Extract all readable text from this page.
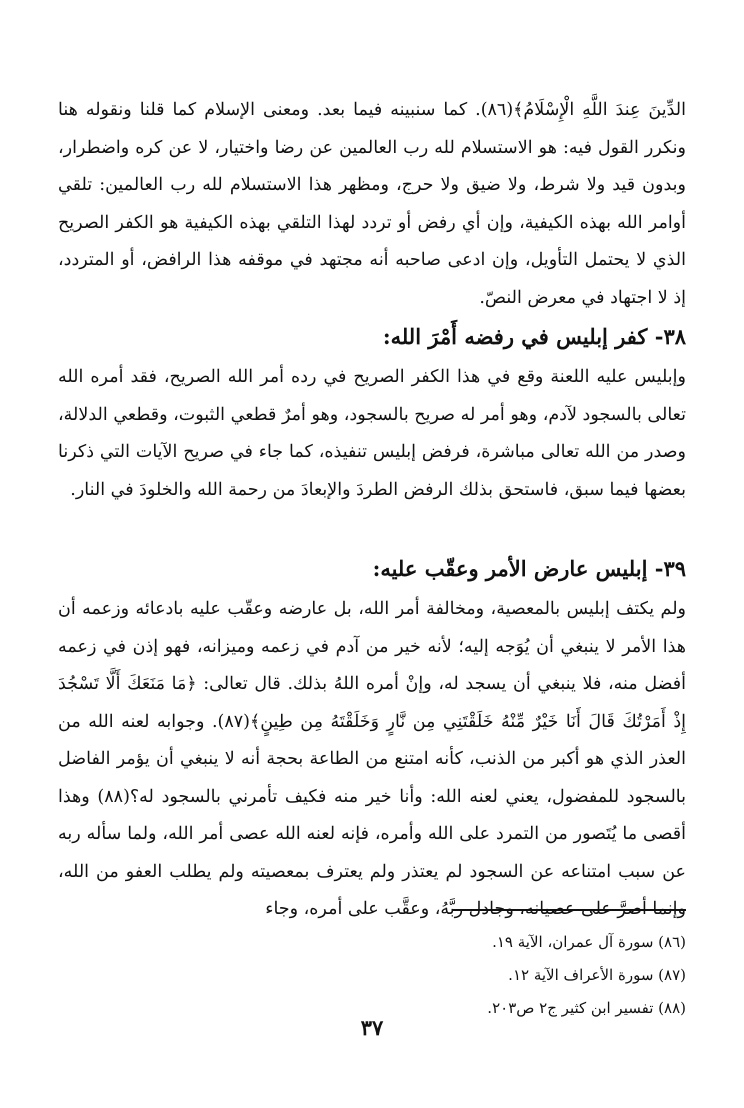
الدِّينَ عِندَ اللَّهِ الْإِسْلَامُ﴾(٨٦). كما سنبينه فيما بعد. ومعنى الإسلام كما قلنا ونقوله هنا ونكرر القول فيه: هو الاستسلام لله رب العالمين عن رضا واختيار، لا عن كره واضطرار، وبدون قيد ولا شرط، ولا ضيق ولا حرج، ومظهر هذا الاستسلام لله رب العالمين: تلقي أوامر الله بهذه الكيفية، وإن أي رفض أو تردد لهذا التلقي بهذه الكيفية هو الكفر الصريح الذي لا يحتمل التأويل، وإن ادعى صاحبه أنه مجتهد في موقفه هذا الرافض، أو المتردد، إذ لا اجتهاد في معرض النصّ.

٣٨- كفر إبليس في رفضه أَمْرَ الله:

وإبليس عليه اللعنة وقع في هذا الكفر الصريح في رده أمر الله الصريح، فقد أمره الله تعالى بالسجود لآدم، وهو أمر له صريح بالسجود، وهو أمرٌ قطعي الثبوت، وقطعي الدلالة، وصدر من الله تعالى مباشرة، فرفض إبليس تنفيذه، كما جاء في صريح الآيات التي ذكرنا بعضها فيما سبق، فاستحق بذلك الرفض الطردَ والإبعادَ من رحمة الله والخلودَ في النار.

٣٩- إبليس عارض الأمر وعقّب عليه:

ولم يكتف إبليس بالمعصية، ومخالفة أمر الله، بل عارضه وعقّب عليه بادعائه وزعمه أن هذا الأمر لا ينبغي أن يُوَجه إليه؛ لأنه خير من آدم في زعمه وميزانه، فهو إذن في زعمه أفضل منه، فلا ينبغي أن يسجد له، وإنْ أمره اللهُ بذلك. قال تعالى: ﴿مَا مَنَعَكَ أَلَّا تَسْجُدَ إِذْ أَمَرْتُكَ قَالَ أَنَا خَيْرٌ مِّنْهُ خَلَقْتَنِي مِن نَّارٍ وَخَلَقْتَهُ مِن طِينٍ﴾(٨٧). وجوابه لعنه الله من العذر الذي هو أكبر من الذنب، كأنه امتنع من الطاعة بحجة أنه لا ينبغي أن يؤمر الفاضل بالسجود للمفضول، يعني لعنه الله: وأنا خير منه فكيف تأمرني بالسجود له؟(٨٨) وهذا أقصى ما يُتَصور من التمرد على الله وأمره، فإنه لعنه الله عصى أمر الله، ولما سأله ربه عن سبب امتناعه عن السجود لم يعتذر ولم يعترف بمعصيته ولم يطلب العفو من الله، وإنما أصرَّ على عصيانه، وجادل ربَّهُ، وعقَّب على أمره، وجاء

(٨٦) سورة آل عمران، الآية ١٩.

(٨٧) سورة الأعراف الآية ١٢.

(٨٨) تفسير ابن كثير ج٢ ص٢٠٣.

٣٧
